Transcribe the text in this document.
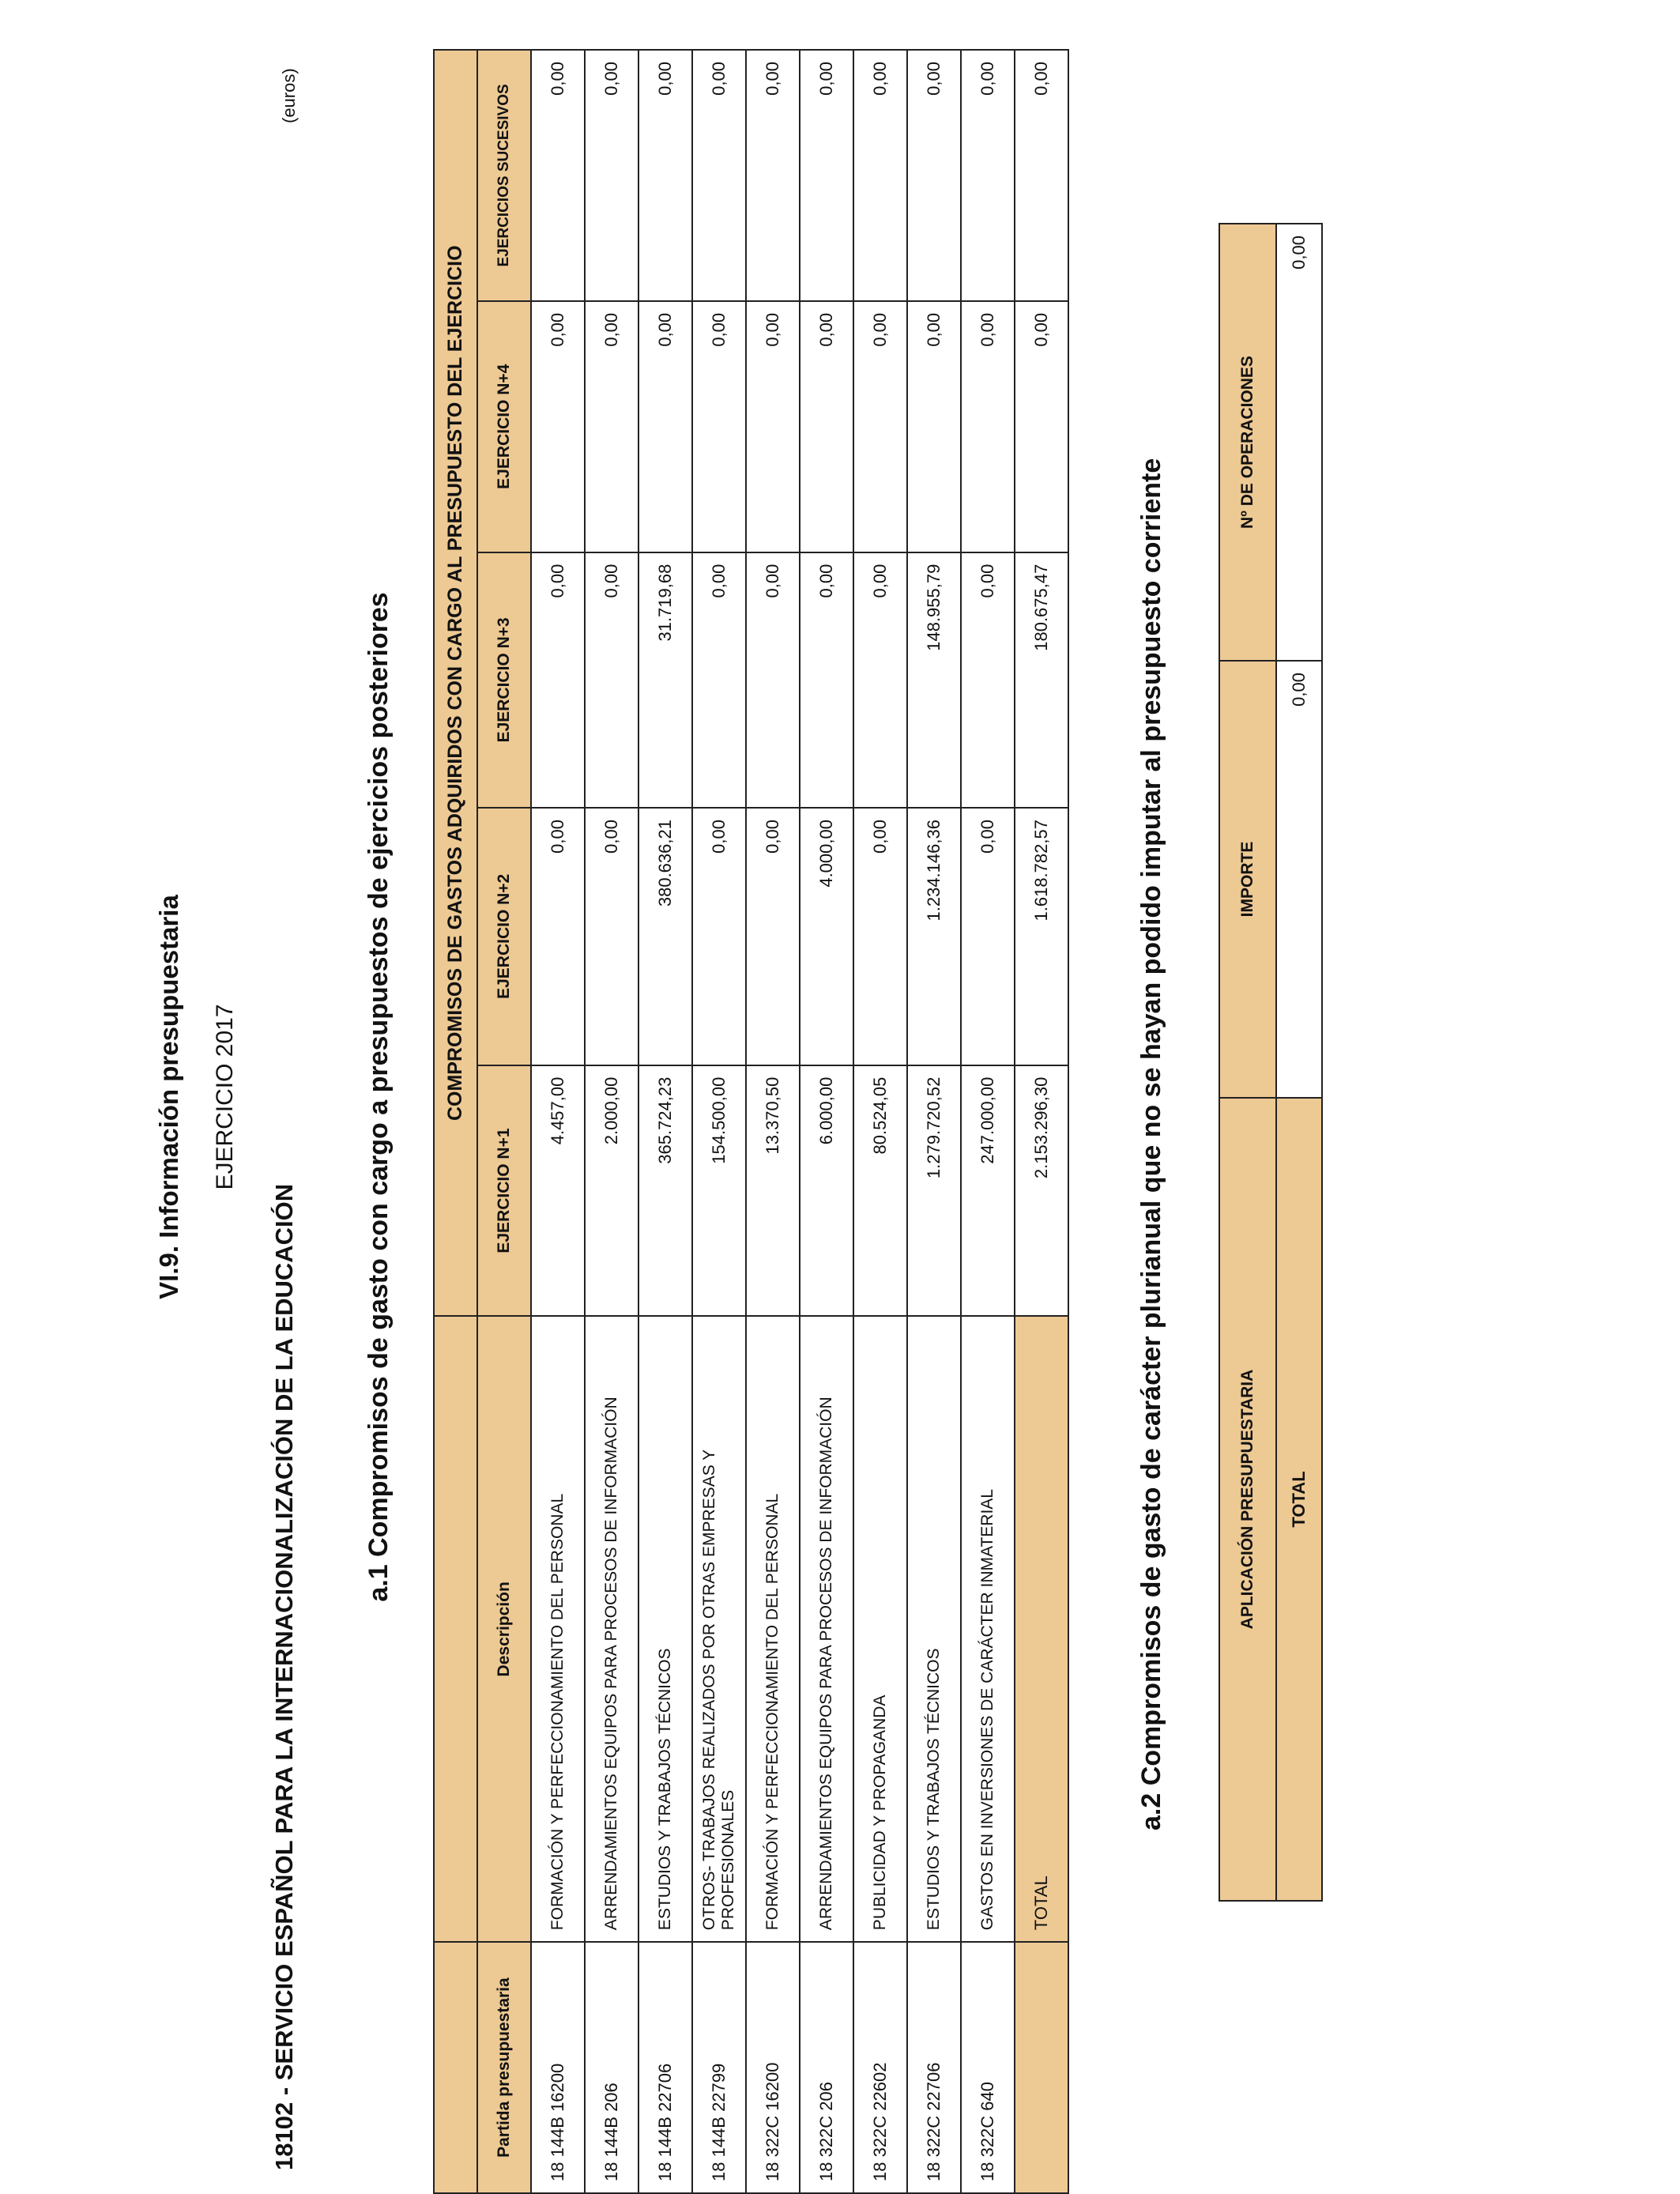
VI.9. Información presupuestaria EJERCICIO 2017
18102 - SERVICIO ESPAÑOL PARA LA INTERNACIONALIZACIÓN DE LA EDUCACIÓN
(euros)
a.1 Compromisos de gasto con cargo a presupuestos de ejercicios posteriores
			COMPROMISOS DE GASTOS ADQUIRIDOS CON CARGO AL PRESUPUESTO DEL EJERCICIO				
Partida presupuestaria	Descripción	EJERCICIO N+1	EJERCICIO N+2	EJERCICIO N+3	EJERCICIO N+4	EJERCICIOS SUCESIVOS
18 144B 16200	FORMACIÓN Y PERFECCIONAMIENTO DEL PERSONAL	4.457,00	0,00	0,00	0,00	0,00
18 144B 206	ARRENDAMIENTOS EQUIPOS PARA PROCESOS DE INFORMACIÓN	2.000,00	0,00	0,00	0,00	0,00
18 144B 22706	ESTUDIOS Y TRABAJOS TÉCNICOS	365.724,23	380.636,21	31.719,68	0,00	0,00
18 144B 22799	OTROS- TRABAJOS REALIZADOS POR OTRAS EMPRESAS Y PROFESIONALES	154.500,00	0,00	0,00	0,00	0,00
18 322C 16200	FORMACIÓN Y PERFECCIONAMIENTO DEL PERSONAL	13.370,50	0,00	0,00	0,00	0,00
18 322C 206	ARRENDAMIENTOS EQUIPOS PARA PROCESOS DE INFORMACIÓN	6.000,00	4.000,00	0,00	0,00	0,00
18 322C 22602	PUBLICIDAD Y PROPAGANDA	80.524,05	0,00	0,00	0,00	0,00
18 322C 22706	ESTUDIOS Y TRABAJOS TÉCNICOS	1.279.720,52	1.234.146,36	148.955,79	0,00	0,00
18 322C 640	GASTOS EN INVERSIONES DE CARÁCTER INMATERIAL	247.000,00	0,00	0,00	0,00	0,00
	TOTAL	2.153.296,30	1.618.782,57	180.675,47	0,00	0,00
a.2 Compromisos de gasto de carácter plurianual que no se hayan podido imputar al presupuesto corriente	APLICACIÓN PRESUPUESTARIA	IMPORTE	Nº DE OPERACIONES
TOTAL	0,00	0,00
